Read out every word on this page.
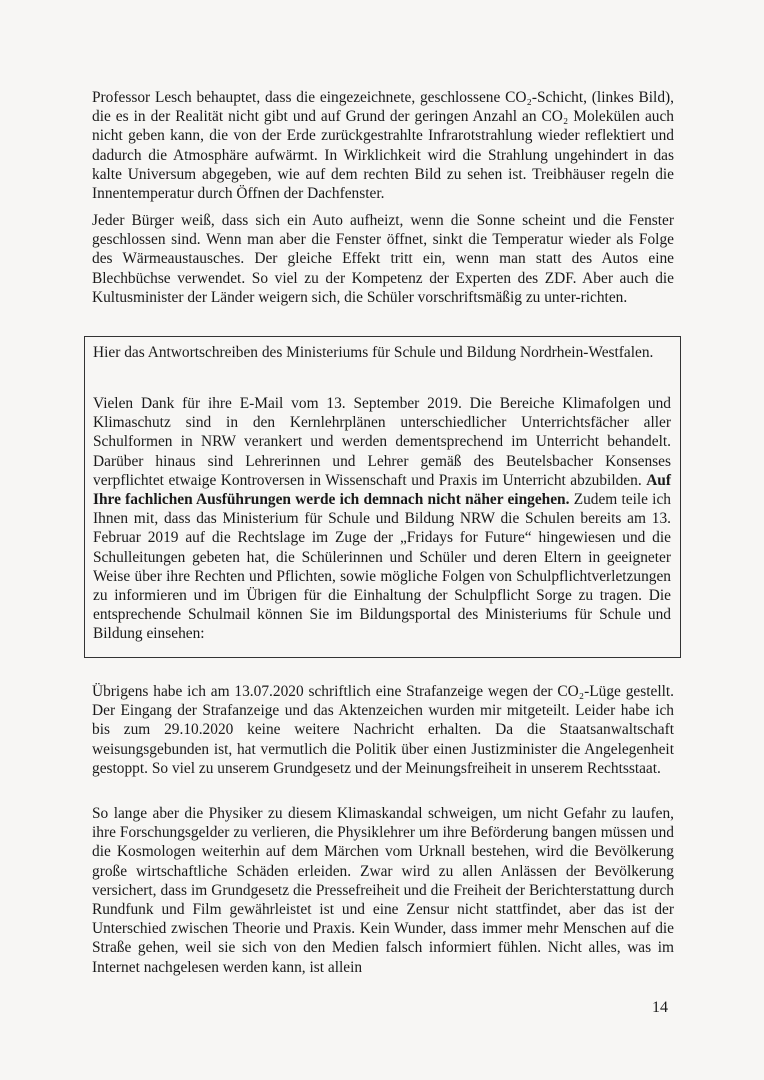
Professor Lesch behauptet, dass die eingezeichnete, geschlossene CO₂-Schicht, (linkes Bild), die es in der Realität nicht gibt und auf Grund der geringen Anzahl an CO₂ Molekülen auch nicht geben kann, die von der Erde zurückgestrahlte Infrarotstrahlung wieder reflektiert und dadurch die Atmosphäre aufwärmt. In Wirklichkeit wird die Strahlung ungehindert in das kalte Universum abgegeben, wie auf dem rechten Bild zu sehen ist. Treibhäuser regeln die Innentemperatur durch Öffnen der Dachfenster.

Jeder Bürger weiß, dass sich ein Auto aufheizt, wenn die Sonne scheint und die Fenster geschlossen sind. Wenn man aber die Fenster öffnet, sinkt die Temperatur wieder als Folge des Wärmeaustausches. Der gleiche Effekt tritt ein, wenn man statt des Autos eine Blechbüchse verwendet. So viel zu der Kompetenz der Experten des ZDF. Aber auch die Kultusminister der Länder weigern sich, die Schüler vorschriftsmäßig zu unter-richten.

Hier das Antwortschreiben des Ministeriums für Schule und Bildung Nordrhein-Westfalen.

Vielen Dank für ihre E-Mail vom 13. September 2019. Die Bereiche Klimafolgen und Klimaschutz sind in den Kernlehrplänen unterschiedlicher Unterrichtsfächer aller Schulformen in NRW verankert und werden dementsprechend im Unterricht behandelt. Darüber hinaus sind Lehrerinnen und Lehrer gemäß des Beutelsbacher Konsenses verpflichtet etwaige Kontroversen in Wissenschaft und Praxis im Unterricht abzubilden. Auf Ihre fachlichen Ausführungen werde ich demnach nicht näher eingehen. Zudem teile ich Ihnen mit, dass das Ministerium für Schule und Bildung NRW die Schulen bereits am 13. Februar 2019 auf die Rechtslage im Zuge der „Fridays for Future“ hingewiesen und die Schulleitungen gebeten hat, die Schülerinnen und Schüler und deren Eltern in geeigneter Weise über ihre Rechten und Pflichten, sowie mögliche Folgen von Schulpflichtverletzungen zu informieren und im Übrigen für die Einhaltung der Schulpflicht Sorge zu tragen. Die entsprechende Schulmail können Sie im Bildungsportal des Ministeriums für Schule und Bildung einsehen:

Übrigens habe ich am 13.07.2020 schriftlich eine Strafanzeige wegen der CO₂-Lüge gestellt. Der Eingang der Strafanzeige und das Aktenzeichen wurden mir mitgeteilt. Leider habe ich bis zum 29.10.2020 keine weitere Nachricht erhalten. Da die Staatsanwaltschaft weisungsgebunden ist, hat vermutlich die Politik über einen Justizminister die Angelegenheit gestoppt. So viel zu unserem Grundgesetz und der Meinungsfreiheit in unserem Rechtsstaat.

So lange aber die Physiker zu diesem Klimaskandal schweigen, um nicht Gefahr zu laufen, ihre Forschungsgelder zu verlieren, die Physiklehrer um ihre Beförderung bangen müssen und die Kosmologen weiterhin auf dem Märchen vom Urknall bestehen, wird die Bevölkerung große wirtschaftliche Schäden erleiden. Zwar wird zu allen Anlässen der Bevölkerung versichert, dass im Grundgesetz die Pressefreiheit und die Freiheit der Berichterstattung durch Rundfunk und Film gewährleistet ist und eine Zensur nicht stattfindet, aber das ist der Unterschied zwischen Theorie und Praxis. Kein Wunder, dass immer mehr Menschen auf die Straße gehen, weil sie sich von den Medien falsch informiert fühlen. Nicht alles, was im Internet nachgelesen werden kann, ist allein

14
